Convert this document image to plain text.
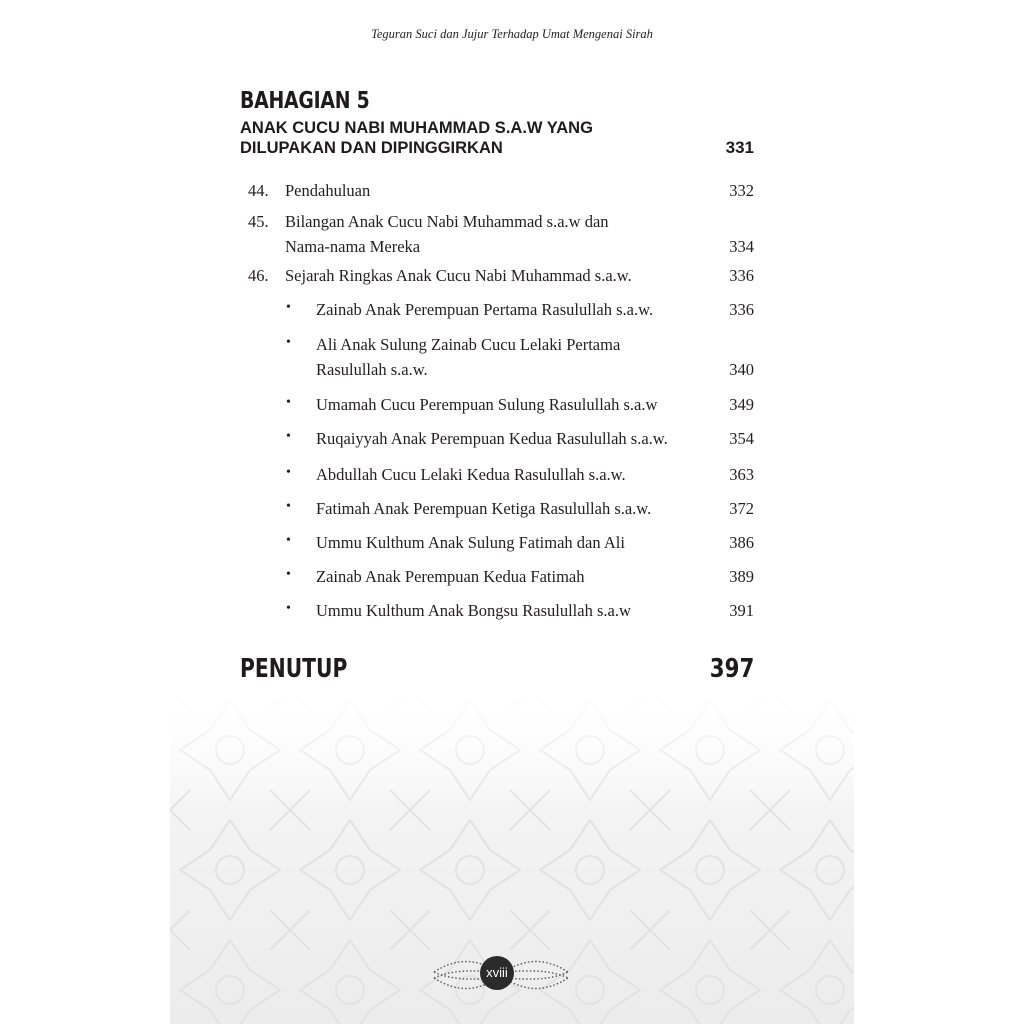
Teguran Suci dan Jujur Terhadap Umat Mengenai Sirah
BAHAGIAN 5
ANAK CUCU NABI MUHAMMAD S.A.W YANG
DILUPAKAN DAN DIPINGGIRKAN	331
44. Pendahuluan	332
45. Bilangan Anak Cucu Nabi Muhammad s.a.w dan
Nama-nama Mereka	334
46. Sejarah Ringkas Anak Cucu Nabi Muhammad s.a.w.	336
• Zainab Anak Perempuan Pertama Rasulullah s.a.w.	336
• Ali Anak Sulung Zainab Cucu Lelaki Pertama
Rasulullah s.a.w.	340
• Umamah Cucu Perempuan Sulung Rasulullah s.a.w	349
• Ruqaiyyah Anak Perempuan Kedua Rasulullah s.a.w.	354
• Abdullah Cucu Lelaki Kedua Rasulullah s.a.w.	363
• Fatimah Anak Perempuan Ketiga Rasulullah s.a.w.	372
• Ummu Kulthum Anak Sulung Fatimah dan Ali	386
• Zainab Anak Perempuan Kedua Fatimah	389
• Ummu Kulthum Anak Bongsu Rasulullah s.a.w	391
PENUTUP	397
xviii
